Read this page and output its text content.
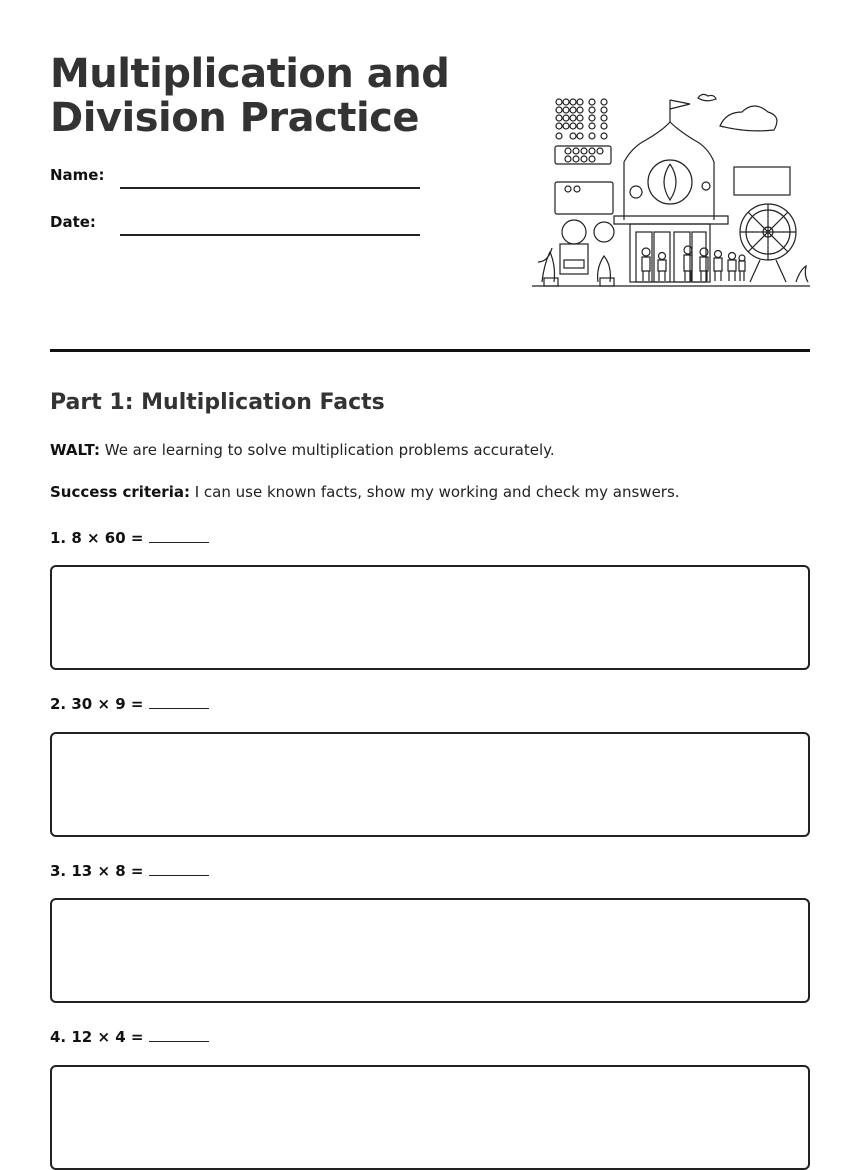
Multiplication and
Division Practice
Name:
Date:
Part 1: Multiplication Facts
WALT: We are learning to solve multiplication problems accurately.
Success criteria: I can use known facts, show my working and check my answers.
1. 8 × 60 =
2. 30 × 9 =
3. 13 × 8 =
4. 12 × 4 =
